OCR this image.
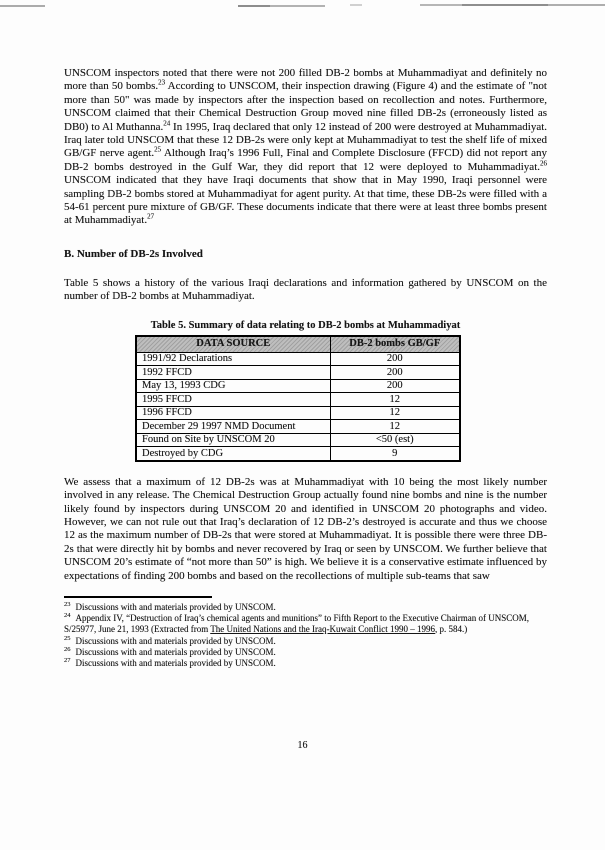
UNSCOM inspectors noted that there were not 200 filled DB-2 bombs at Muhammadiyat and definitely no more than 50 bombs.$^{23}$ According to UNSCOM, their inspection drawing (Figure 4) and the estimate of "not more than 50" was made by inspectors after the inspection based on recollection and notes. Furthermore, UNSCOM claimed that their Chemical Destruction Group moved nine filled DB-2s (erroneously listed as DB0) to Al Muthanna.$^{24}$ In 1995, Iraq declared that only 12 instead of 200 were destroyed at Muhammadiyat. Iraq later told UNSCOM that these 12 DB-2s were only kept at Muhammadiyat to test the shelf life of mixed GB/GF nerve agent.$^{25}$ Although Iraq’s 1996 Full, Final and Complete Disclosure (FFCD) did not report any DB-2 bombs destroyed in the Gulf War, they did report that 12 were deployed to Muhammadiyat.$^{26}$ UNSCOM indicated that they have Iraqi documents that show that in May 1990, Iraqi personnel were sampling DB-2 bombs stored at Muhammadiyat for agent purity. At that time, these DB-2s were filled with a 54-61 percent pure mixture of GB/GF. These documents indicate that there were at least three bombs present at Muhammadiyat.$^{27}$

B. Number of DB-2s Involved

Table 5 shows a history of the various Iraqi declarations and information gathered by UNSCOM on the number of DB-2 bombs at Muhammadiyat.

Table 5. Summary of data relating to DB-2 bombs at Muhammadiyat
DATA SOURCE	DB-2 bombs GB/GF
1991/92 Declarations	200
1992 FFCD	200
May 13, 1993 CDG	200
1995 FFCD	12
1996 FFCD	12
December 29 1997 NMD Document	12
Found on Site by UNSCOM 20	<50 (est)
Destroyed by CDG	9

We assess that a maximum of 12 DB-2s was at Muhammadiyat with 10 being the most likely number involved in any release. The Chemical Destruction Group actually found nine bombs and nine is the number likely found by inspectors during UNSCOM 20 and identified in UNSCOM 20 photographs and video. However, we can not rule out that Iraq’s declaration of 12 DB-2’s destroyed is accurate and thus we choose 12 as the maximum number of DB-2s that were stored at Muhammadiyat. It is possible there were three DB-2s that were directly hit by bombs and never recovered by Iraq or seen by UNSCOM. We further believe that UNSCOM 20’s estimate of “not more than 50” is high. We believe it is a conservative estimate influenced by expectations of finding 200 bombs and based on the recollections of multiple sub-teams that saw

$^{23}$ Discussions with and materials provided by UNSCOM.
$^{24}$ Appendix IV, “Destruction of Iraq’s chemical agents and munitions” to Fifth Report to the Executive Chairman of UNSCOM, S/25977, June 21, 1993 (Extracted from The United Nations and the Iraq-Kuwait Conflict 1990 – 1996, p. 584.)
$^{25}$ Discussions with and materials provided by UNSCOM.
$^{26}$ Discussions with and materials provided by UNSCOM.
$^{27}$ Discussions with and materials provided by UNSCOM.
16
